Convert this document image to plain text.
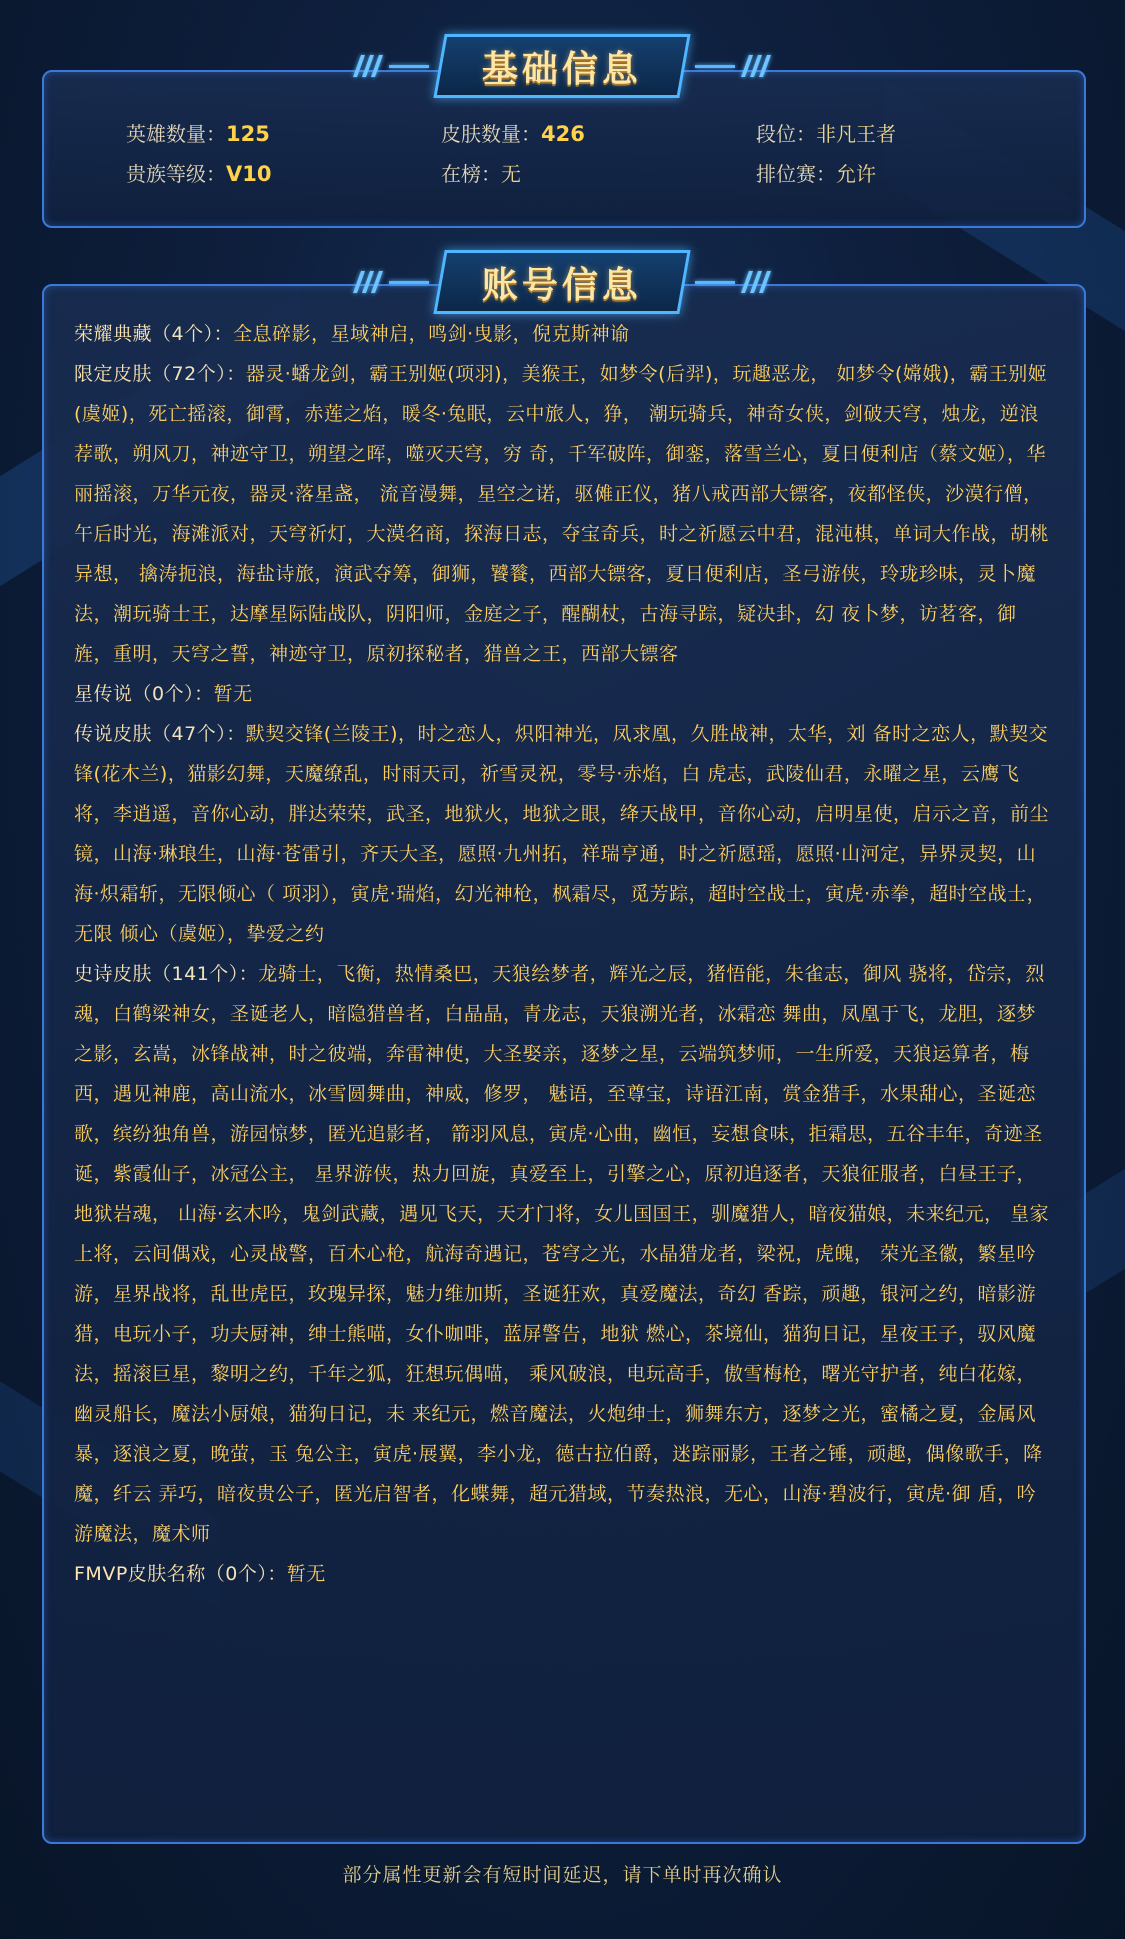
基础信息
英雄数量：125	皮肤数量：426	段位：非凡王者
贵族等级：V10	在榜：无	排位赛：允许
账号信息

荣耀典藏（4个）：全息碎影，星域神启，鸣剑·曳影，倪克斯神谕

限定皮肤（72个）：器灵·蟠龙剑，霸王别姬(项羽)，美猴王，如梦令(后羿)，玩趣恶龙， 如梦令(嫦娥)，霸王别姬(虞姬)，死亡摇滚，御霄，赤莲之焰，暖冬·兔眠，云中旅人，狰， 潮玩骑兵，神奇女侠，剑破天穹，烛龙，逆浪荐歌，朔风刀，神迹守卫，朔望之晖，噬灭天穹，穷 奇，千军破阵，御銮，落雪兰心，夏日便利店（蔡文姬），华丽摇滚，万华元夜，器灵·落星盏， 流音漫舞，星空之诺，驱傩正仪，猪八戒西部大镖客，夜都怪侠，沙漠行僧，午后时光，海滩派对，天穹祈灯，大漠名商，探海日志，夺宝奇兵，时之祈愿云中君，混沌棋，单词大作战，胡桃异想， 擒涛扼浪，海盐诗旅，演武夺筹，御狮，饕餮，西部大镖客，夏日便利店，圣弓游侠，玲珑珍味，灵卜魔法，潮玩骑士王，达摩星际陆战队，阴阳师，金庭之子，醒醐杖，古海寻踪，疑决卦，幻 夜卜梦，访茗客，御旌，重明，天穹之誓，神迹守卫，原初探秘者，猎兽之王，西部大镖客

星传说（0个）：暂无

传说皮肤（47个）：默契交锋(兰陵王)，时之恋人，炽阳神光，凤求凰，久胜战神，太华，刘 备时之恋人，默契交锋(花木兰)，猫影幻舞，天魔缭乱，时雨天司，祈雪灵祝，零号·赤焰，白 虎志，武陵仙君，永曜之星，云鹰飞将，李逍遥，音你心动，胖达荣荣，武圣，地狱火，地狱之眼，绛天战甲，音你心动，启明星使，启示之音，前尘镜，山海·琳琅生，山海·苍雷引，齐天大圣，愿照·九州拓，祥瑞亨通，时之祈愿瑶，愿照·山河定，异界灵契，山海·炽霜斩，无限倾心（ 项羽），寅虎·瑞焰，幻光神枪，枫霜尽，觅芳踪，超时空战士，寅虎·赤拳，超时空战士，无限 倾心（虞姬），挚爱之约

史诗皮肤（141个）：龙骑士，飞衡，热情桑巴，天狼绘梦者，辉光之辰，猪悟能，朱雀志，御风 骁将，岱宗，烈魂，白鹤梁神女，圣诞老人，暗隐猎兽者，白晶晶，青龙志，天狼溯光者，冰霜恋 舞曲，凤凰于飞，龙胆，逐梦之影，玄嵩，冰锋战神，时之彼端，奔雷神使，大圣娶亲，逐梦之星，云端筑梦师，一生所爱，天狼运算者，梅西，遇见神鹿，高山流水，冰雪圆舞曲，神威，修罗， 魅语，至尊宝，诗语江南，赏金猎手，水果甜心，圣诞恋歌，缤纷独角兽，游园惊梦，匿光追影者， 箭羽风息，寅虎·心曲，幽恒，妄想食味，拒霜思，五谷丰年，奇迹圣诞，紫霞仙子，冰冠公主， 星界游侠，热力回旋，真爱至上，引擎之心，原初追逐者，天狼征服者，白昼王子，地狱岩魂， 山海·玄木吟，鬼剑武藏，遇见飞天，天才门将，女儿国国王，驯魔猎人，暗夜猫娘，未来纪元， 皇家上将，云间偶戏，心灵战警，百木心枪，航海奇遇记，苍穹之光，水晶猎龙者，梁祝，虎魄， 荣光圣徽，繁星吟游，星界战将，乱世虎臣，玫瑰异探，魅力维加斯，圣诞狂欢，真爱魔法，奇幻 香踪，顽趣，银河之约，暗影游猎，电玩小子，功夫厨神，绅士熊喵，女仆咖啡，蓝屏警告，地狱 燃心，茶境仙，猫狗日记，星夜王子，驭风魔法，摇滚巨星，黎明之约，千年之狐，狂想玩偶喵， 乘风破浪，电玩高手，傲雪梅枪，曙光守护者，纯白花嫁，幽灵船长，魔法小厨娘，猫狗日记，未 来纪元，燃音魔法，火炮绅士，狮舞东方，逐梦之光，蜜橘之夏，金属风暴，逐浪之夏，晚萤，玉 兔公主，寅虎·展翼，李小龙，德古拉伯爵，迷踪丽影，王者之锤，顽趣，偶像歌手，降魔，纤云 弄巧，暗夜贵公子，匿光启智者，化蝶舞，超元猎域，节奏热浪，无心，山海·碧波行，寅虎·御 盾，吟游魔法，魔术师

FMVP皮肤名称（0个）：暂无

部分属性更新会有短时间延迟，请下单时再次确认
